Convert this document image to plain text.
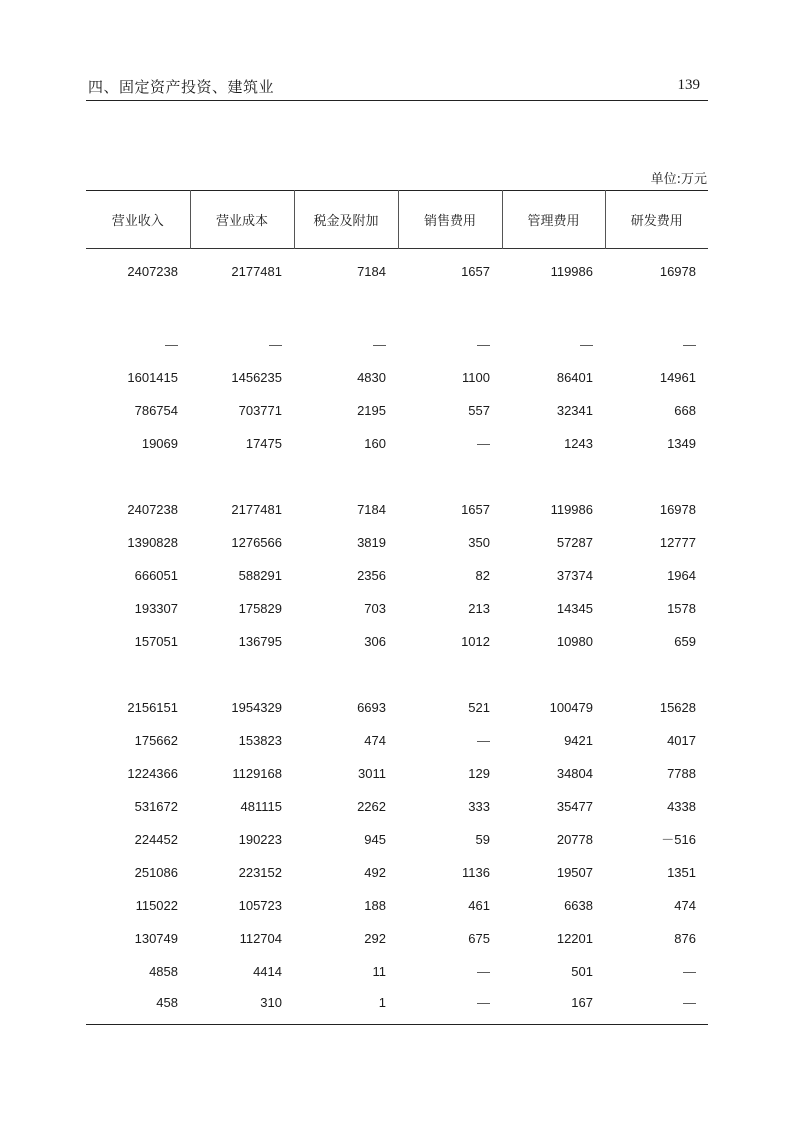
四、固定资产投资、建筑业	139
单位:万元
营业收入	营业成本	税金及附加	销售费用	管理费用	研发费用
2407238	2177481	7184	1657	119986	16978

—	—	—	—	—	—
1601415	1456235	4830	1100	86401	14961
786754	703771	2195	557	32341	668
19069	17475	160	—	1243	1349

2407238	2177481	7184	1657	119986	16978
1390828	1276566	3819	350	57287	12777
666051	588291	2356	82	37374	1964
193307	175829	703	213	14345	1578
157051	136795	306	1012	10980	659

2156151	1954329	6693	521	100479	15628
175662	153823	474	—	9421	4017
1224366	1129168	3011	129	34804	7788
531672	481115	2262	333	35477	4338
224452	190223	945	59	20778	－516
251086	223152	492	1136	19507	1351
115022	105723	188	461	6638	474
130749	112704	292	675	12201	876
4858	4414	11	—	501	—
458	310	1	—	167	—
